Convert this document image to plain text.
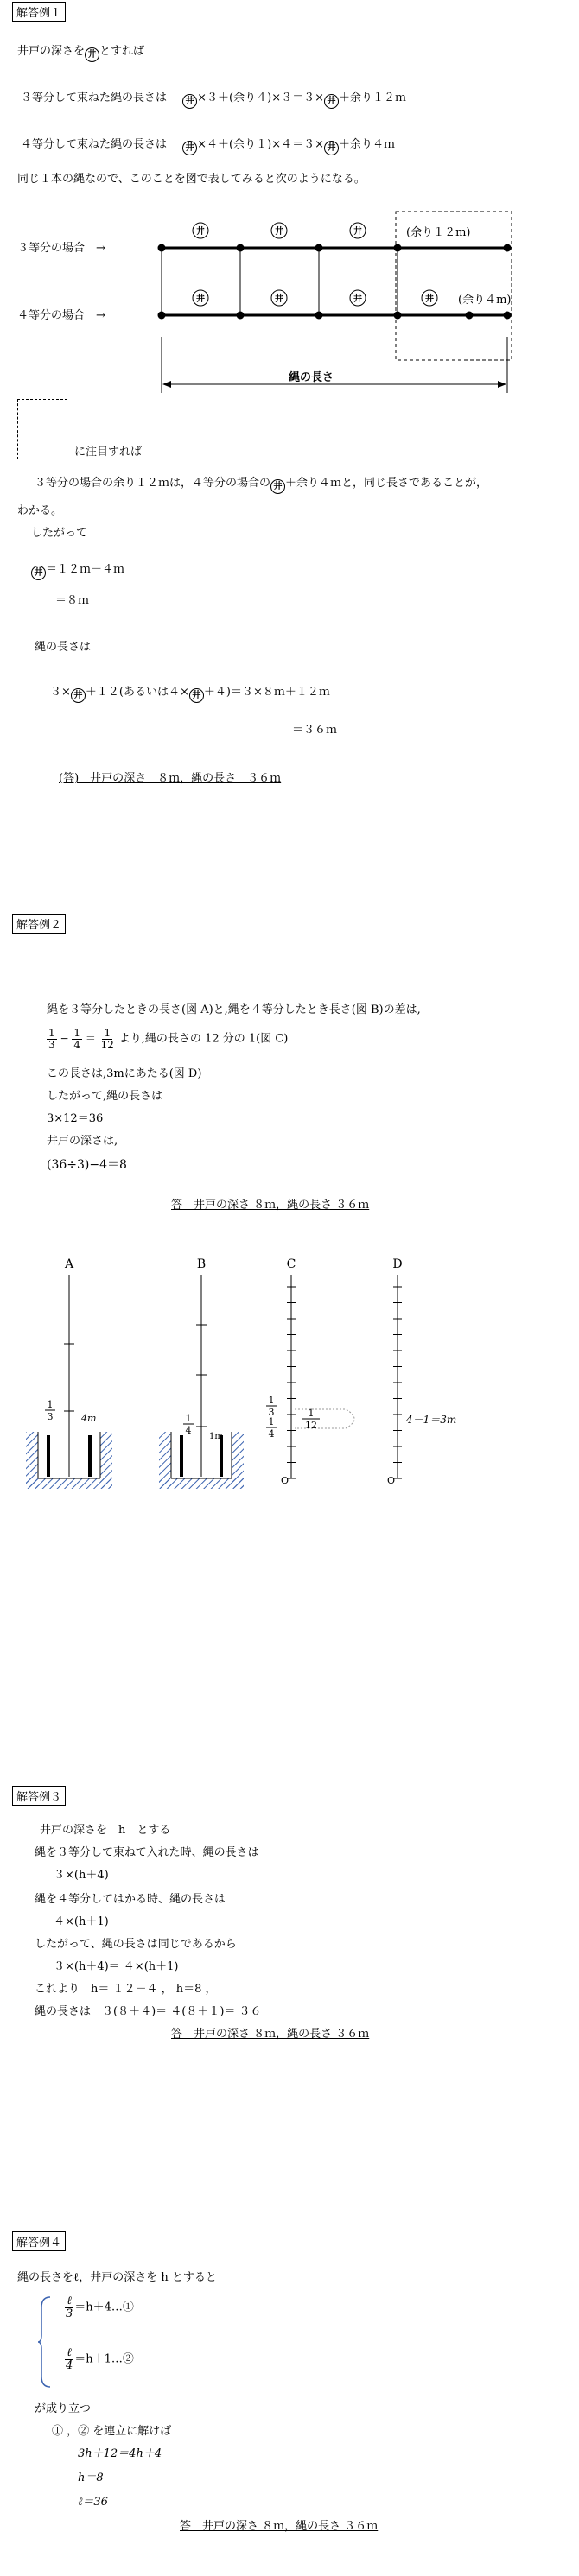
解答例１
井戸の深さを 井 とすれば
３等分して束ねた縄の長さは 井 ×３＋(余り４)×３＝３× 井 ＋余り１２ｍ
４等分して束ねた縄の長さは 井 ×４＋(余り１)×４＝３× 井 ＋余り４ｍ
同じ１本の縄なので、このことを図で表してみると次のようになる。
３等分の場合　→
４等分の場合　→
井	井	井	(余り１２m)
井	井	井	井 (余り４m)
縄の長さ
に注目すれば
３等分の場合の余り１２ｍは，４等分の場合の 井 ＋余り４ｍと，同じ長さであることが，
わかる。
したがって
井 ＝１２ｍ－４ｍ
＝８ｍ
縄の長さは
３× 井 ＋１２(あるいは４× 井 ＋４)＝３×８ｍ＋１２ｍ
＝３６ｍ
(答)　井戸の深さ　８ｍ，縄の長さ　３６ｍ
解答例２
縄を３等分したときの長さ(図 A)と,縄を４等分したとき長さ(図 B)の差は,
$\frac{1}{3} - \frac{1}{4} = \frac{1}{12}$ より,縄の長さの 12 分の 1(図 C)
この長さは,3mにあたる(図 D)
したがって,縄の長さは
3×12＝36
井戸の深さは,
(36÷3)−4＝8
答　井戸の深さ ８ｍ，縄の長さ ３６ｍ
A	B	C	D
1
3	4m	1
4
1m
O	O
1
3
1
4
1
12	4－1＝3m
解答例３
井戸の深さを　h　とする
縄を３等分して束ねて入れた時、縄の長さは
３×(h＋4)
縄を４等分してはかる時、縄の長さは
４×(h＋1)
したがって、縄の長さは同じであるから
３×(h＋4)＝ ４×(h＋1)
これより　h＝ １２－４ ， h＝8 ，
縄の長さは　３(８＋４)＝ ４(８＋１)＝ ３６
答　井戸の深さ ８ｍ，縄の長さ ３６ｍ
解答例４
縄の長さをℓ，井戸の深さを h とすると
$\frac{\text{ℓ}}{3}$ ＝h＋4…①
$\frac{\text{ℓ}}{4}$ ＝h＋1…②
が成り立つ
① ，② を連立に解けば
3h＋12＝4h＋4
h＝8
ℓ＝36
答　井戸の深さ ８ｍ，縄の長さ ３６ｍ
